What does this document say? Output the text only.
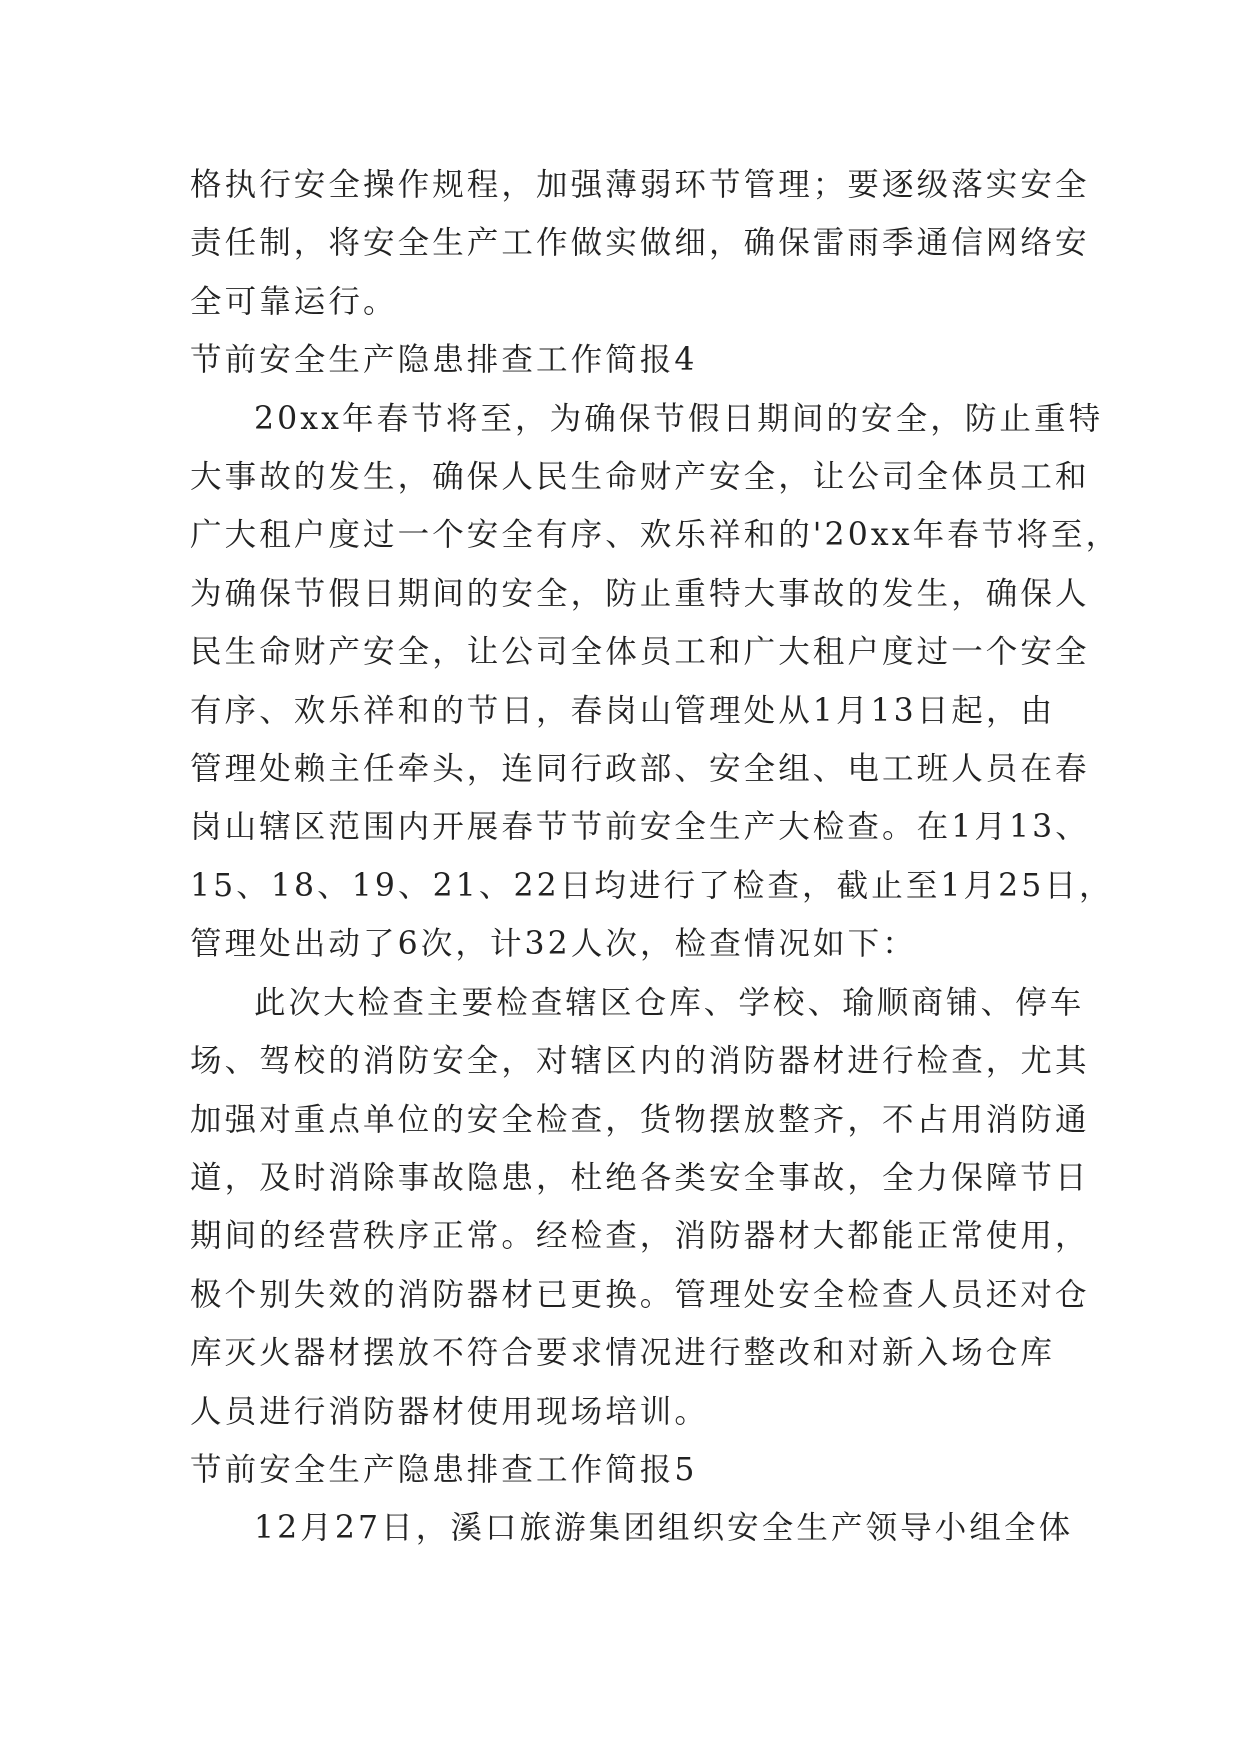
格执行安全操作规程，加强薄弱环节管理；要逐级落实安全
责任制，将安全生产工作做实做细，确保雷雨季通信网络安
全可靠运行。

节前安全生产隐患排查工作简报4

20xx年春节将至，为确保节假日期间的安全，防止重特
大事故的发生，确保人民生命财产安全，让公司全体员工和
广大租户度过一个安全有序、欢乐祥和的'20xx年春节将至，
为确保节假日期间的安全，防止重特大事故的发生，确保人
民生命财产安全，让公司全体员工和广大租户度过一个安全
有序、欢乐祥和的节日，春岗山管理处从1月13日起，由
管理处赖主任牵头，连同行政部、安全组、电工班人员在春
岗山辖区范围内开展春节节前安全生产大检查。在1月13、
15、18、19、21、22日均进行了检查，截止至1月25日，
管理处出动了6次，计32人次，检查情况如下：

此次大检查主要检查辖区仓库、学校、瑜顺商铺、停车
场、驾校的消防安全，对辖区内的消防器材进行检查，尤其
加强对重点单位的安全检查，货物摆放整齐，不占用消防通
道，及时消除事故隐患，杜绝各类安全事故，全力保障节日
期间的经营秩序正常。经检查，消防器材大都能正常使用，
极个别失效的消防器材已更换。管理处安全检查人员还对仓
库灭火器材摆放不符合要求情况进行整改和对新入场仓库
人员进行消防器材使用现场培训。

节前安全生产隐患排查工作简报5

12月27日，溪口旅游集团组织安全生产领导小组全体
